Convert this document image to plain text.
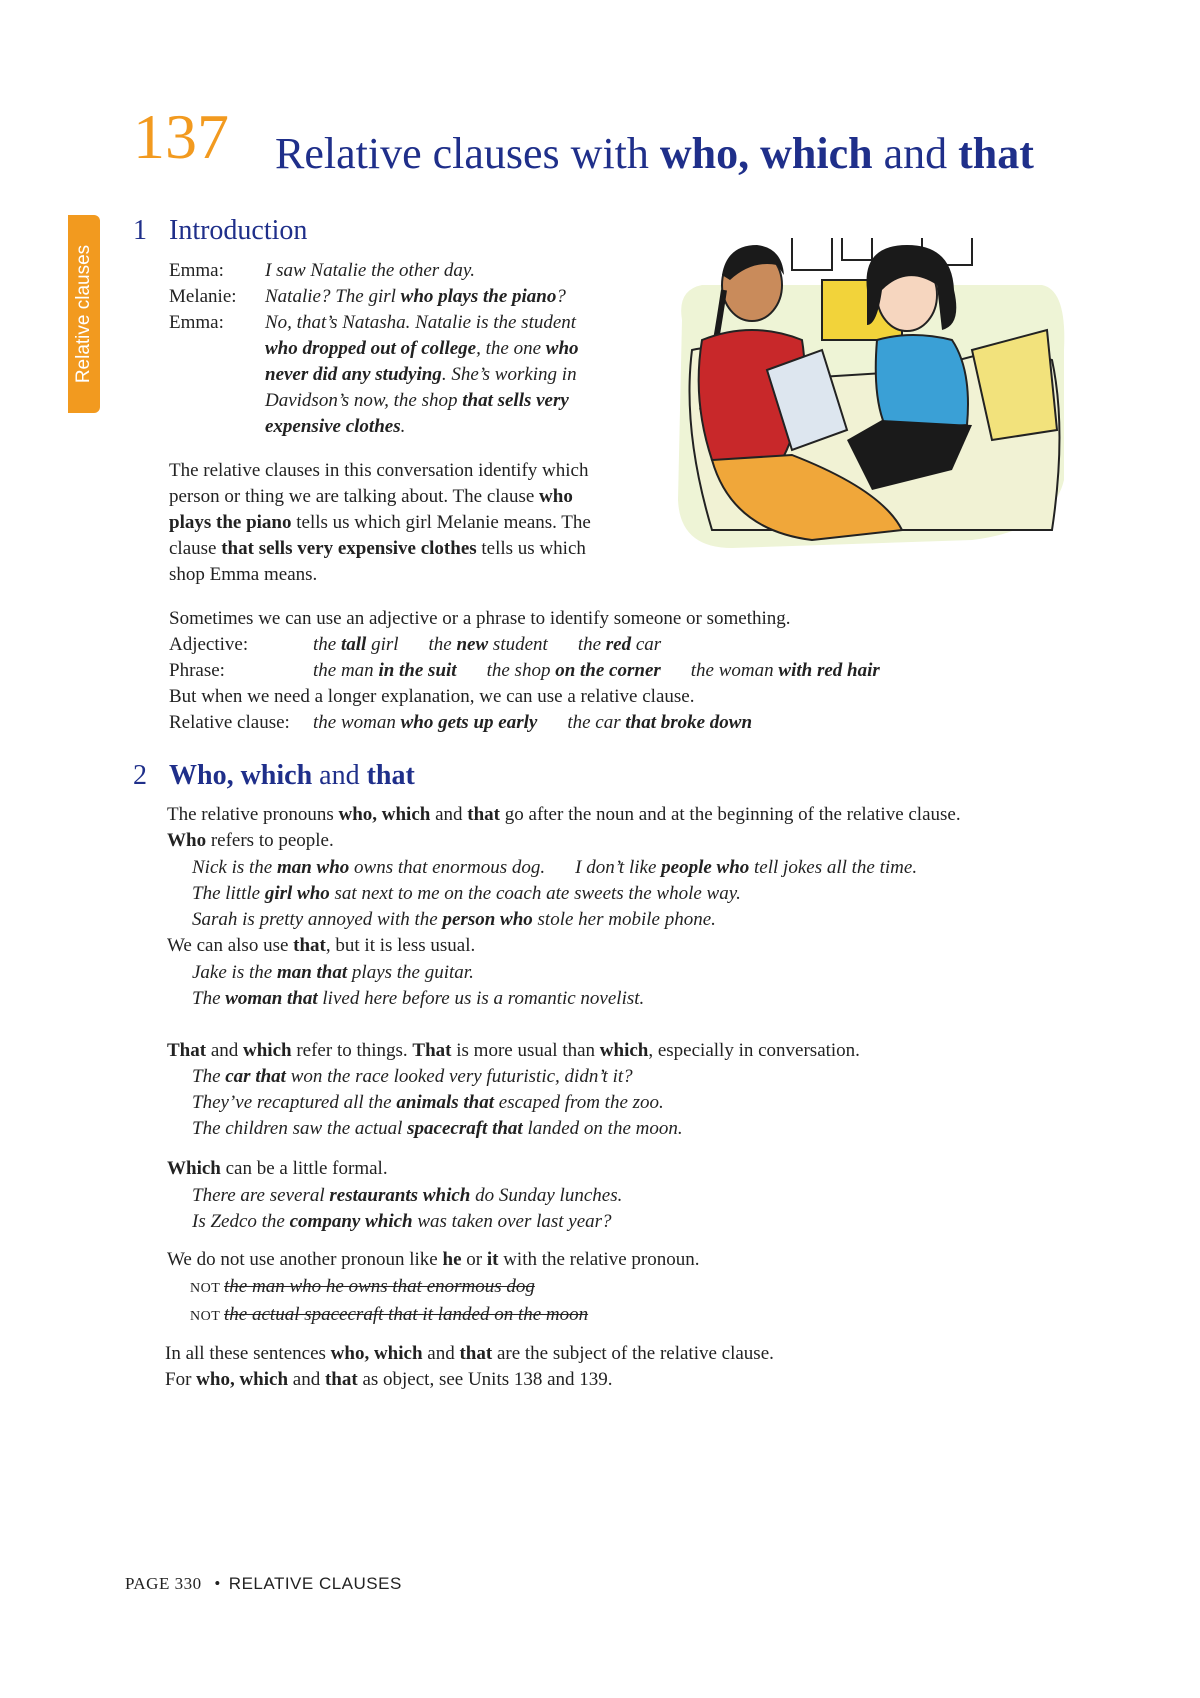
137 Relative clauses with who, which and that
Relative clauses
1 Introduction
Emma:	I saw Natalie the other day.
Melanie:	Natalie? The girl who plays the piano?
Emma:	No, that’s Natasha. Natalie is the student
	who dropped out of college, the one who
	never did any studying. She’s working in
	Davidson’s now, the shop that sells very
	expensive clothes.
The relative clauses in this conversation identify which
person or thing we are talking about. The clause who
plays the piano tells us which girl Melanie means. The
clause that sells very expensive clothes tells us which
shop Emma means.
Sometimes we can use an adjective or a phrase to identify someone or something.
Adjective:	the tall girl the new student the red car
Phrase:	the man in the suit the shop on the corner the woman with red hair
But when we need a longer explanation, we can use a relative clause.
Relative clause: the woman who gets up early the car that broke down
2 Who, which and that
The relative pronouns who, which and that go after the noun and at the beginning of the relative clause.
Who refers to people.
Nick is the man who owns that enormous dog. I don’t like people who tell jokes all the time.
The little girl who sat next to me on the coach ate sweets the whole way.
Sarah is pretty annoyed with the person who stole her mobile phone.
We can also use that, but it is less usual.
Jake is the man that plays the guitar.
The woman that lived here before us is a romantic novelist.
That and which refer to things. That is more usual than which, especially in conversation.
The car that won the race looked very futuristic, didn’t it?
They’ve recaptured all the animals that escaped from the zoo.
The children saw the actual spacecraft that landed on the moon.
Which can be a little formal.
There are several restaurants which do Sunday lunches.
Is Zedco the company which was taken over last year?
We do not use another pronoun like he or it with the relative pronoun.
NOT the man who he owns that enormous dog
NOT the actual spacecraft that it landed on the moon
In all these sentences who, which and that are the subject of the relative clause.
For who, which and that as object, see Units 138 and 139.
PAGE 330 • RELATIVE CLAUSES
